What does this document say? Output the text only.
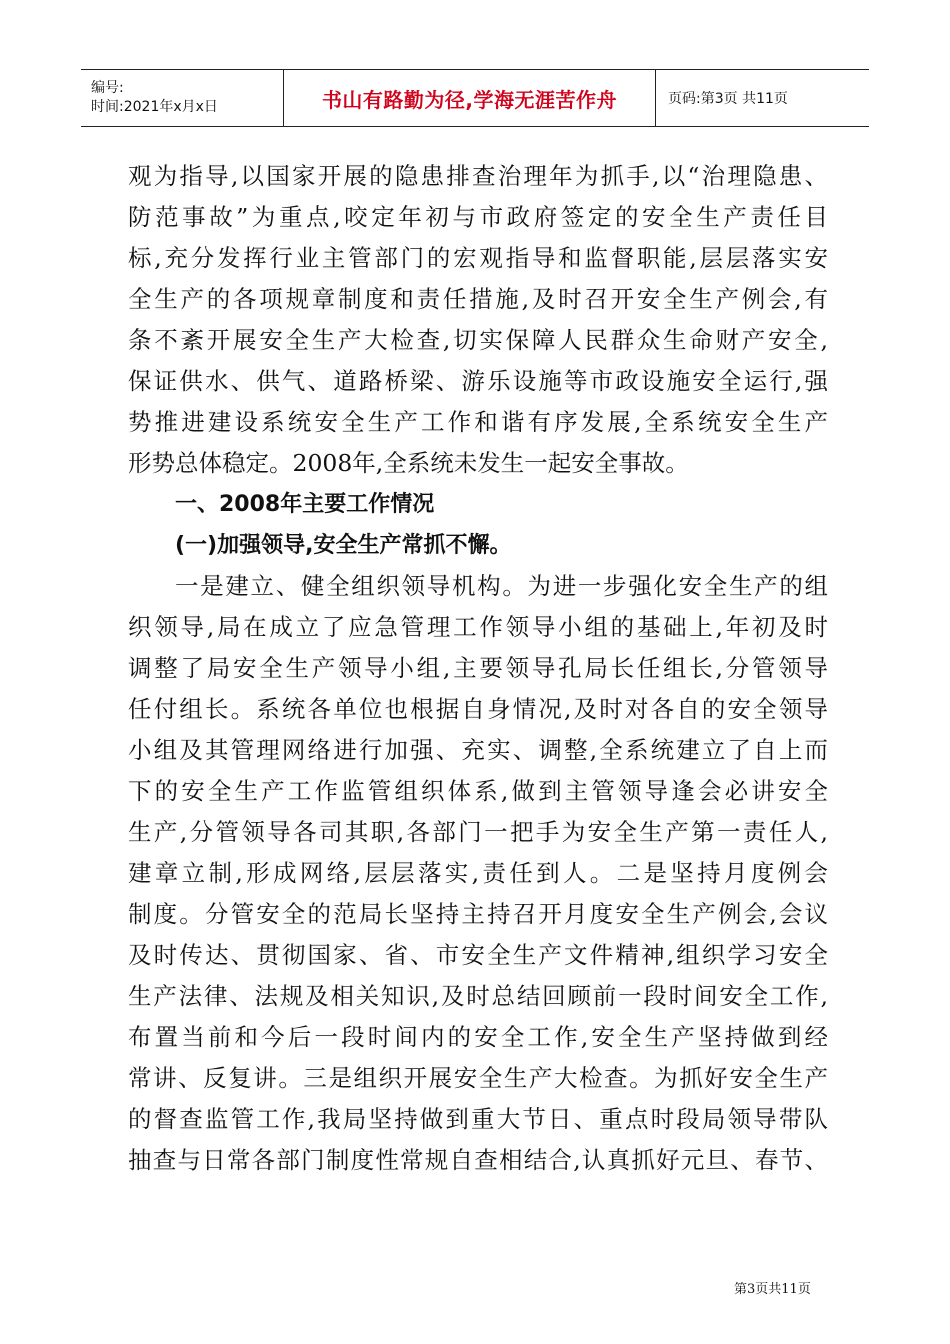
编号:
时间:2021年x月x日	书山有路勤为径,学海无涯苦作舟	页码:第3页 共11页
观为指导,以国家开展的隐患排查治理年为抓手,以“治理隐患、
防范事故”为重点,咬定年初与市政府签定的安全生产责任目
标,充分发挥行业主管部门的宏观指导和监督职能,层层落实安
全生产的各项规章制度和责任措施,及时召开安全生产例会,有
条不紊开展安全生产大检查,切实保障人民群众生命财产安全,
保证供水、供气、道路桥梁、游乐设施等市政设施安全运行,强
势推进建设系统安全生产工作和谐有序发展,全系统安全生产
形势总体稳定。2008年,全系统未发生一起安全事故。
一、2008年主要工作情况
(一)加强领导,安全生产常抓不懈。
一是建立、健全组织领导机构。为进一步强化安全生产的组
织领导,局在成立了应急管理工作领导小组的基础上,年初及时
调整了局安全生产领导小组,主要领导孔局长任组长,分管领导
任付组长。系统各单位也根据自身情况,及时对各自的安全领导
小组及其管理网络进行加强、充实、调整,全系统建立了自上而
下的安全生产工作监管组织体系,做到主管领导逢会必讲安全
生产,分管领导各司其职,各部门一把手为安全生产第一责任人,
建章立制,形成网络,层层落实,责任到人。二是坚持月度例会
制度。分管安全的范局长坚持主持召开月度安全生产例会,会议
及时传达、贯彻国家、省、市安全生产文件精神,组织学习安全
生产法律、法规及相关知识,及时总结回顾前一段时间安全工作,
布置当前和今后一段时间内的安全工作,安全生产坚持做到经
常讲、反复讲。三是组织开展安全生产大检查。为抓好安全生产
的督查监管工作,我局坚持做到重大节日、重点时段局领导带队
抽查与日常各部门制度性常规自查相结合,认真抓好元旦、春节、
第3页共11页
